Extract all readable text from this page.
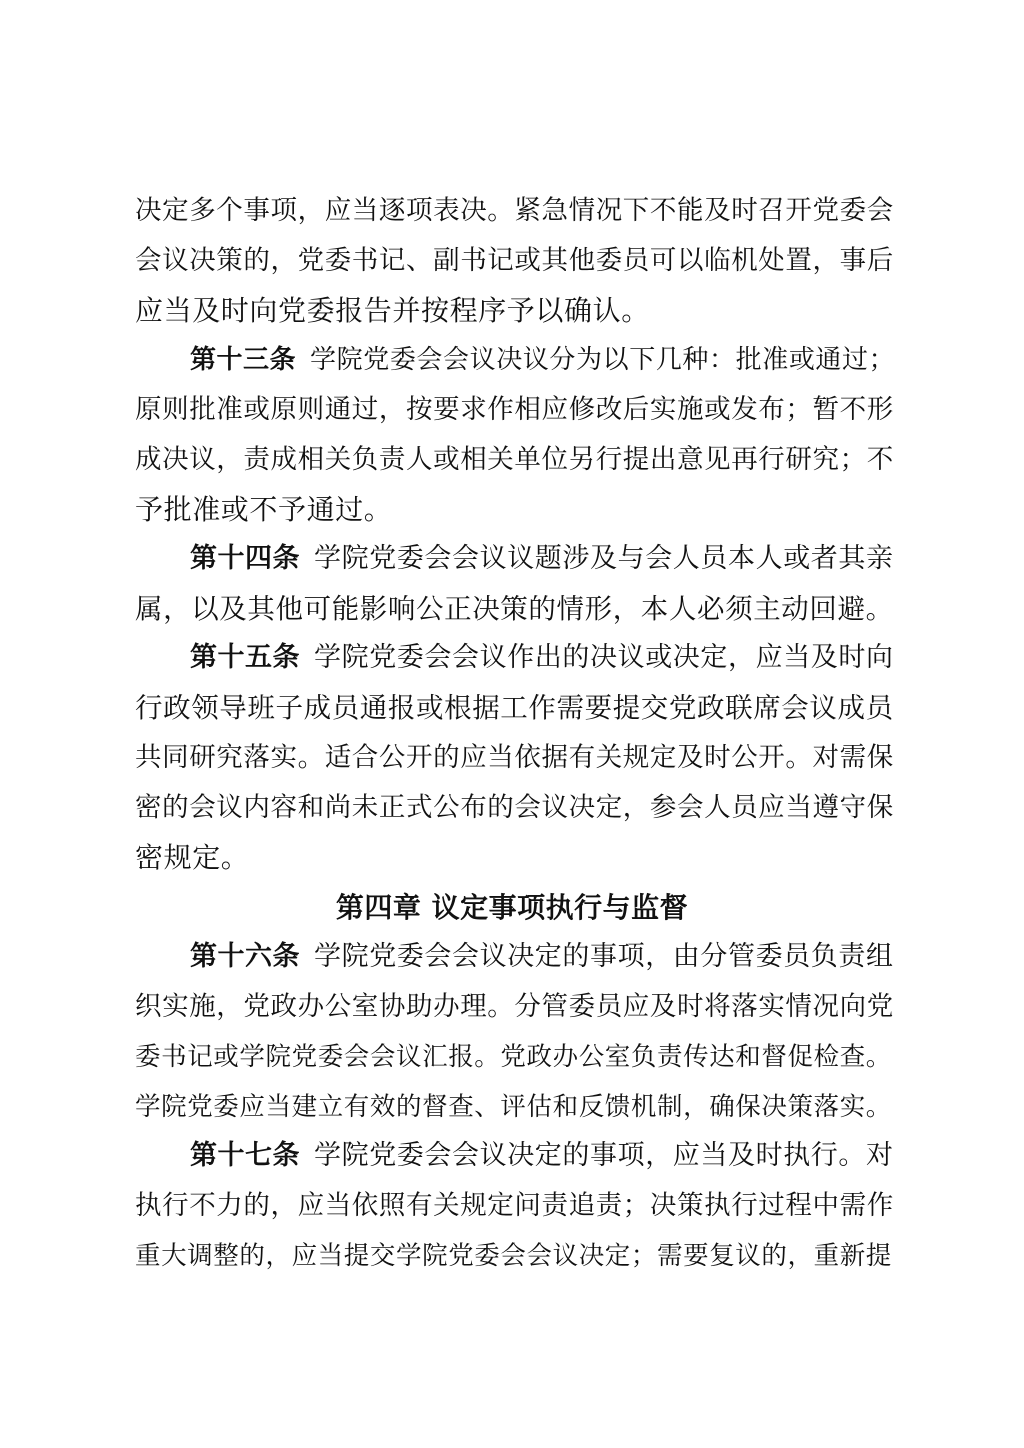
决定多个事项，应当逐项表决。紧急情况下不能及时召开党委会
会议决策的，党委书记、副书记或其他委员可以临机处置，事后
应当及时向党委报告并按程序予以确认。
第十三条 学院党委会会议决议分为以下几种：批准或通过；
原则批准或原则通过，按要求作相应修改后实施或发布；暂不形
成决议，责成相关负责人或相关单位另行提出意见再行研究；不
予批准或不予通过。
第十四条 学院党委会会议议题涉及与会人员本人或者其亲
属，以及其他可能影响公正决策的情形，本人必须主动回避。
第十五条 学院党委会会议作出的决议或决定，应当及时向
行政领导班子成员通报或根据工作需要提交党政联席会议成员
共同研究落实。适合公开的应当依据有关规定及时公开。对需保
密的会议内容和尚未正式公布的会议决定，参会人员应当遵守保
密规定。
第四章 议定事项执行与监督
第十六条 学院党委会会议决定的事项，由分管委员负责组
织实施，党政办公室协助办理。分管委员应及时将落实情况向党
委书记或学院党委会会议汇报。党政办公室负责传达和督促检查。
学院党委应当建立有效的督查、评估和反馈机制，确保决策落实。
第十七条 学院党委会会议决定的事项，应当及时执行。对
执行不力的，应当依照有关规定问责追责；决策执行过程中需作
重大调整的，应当提交学院党委会会议决定；需要复议的，重新提
